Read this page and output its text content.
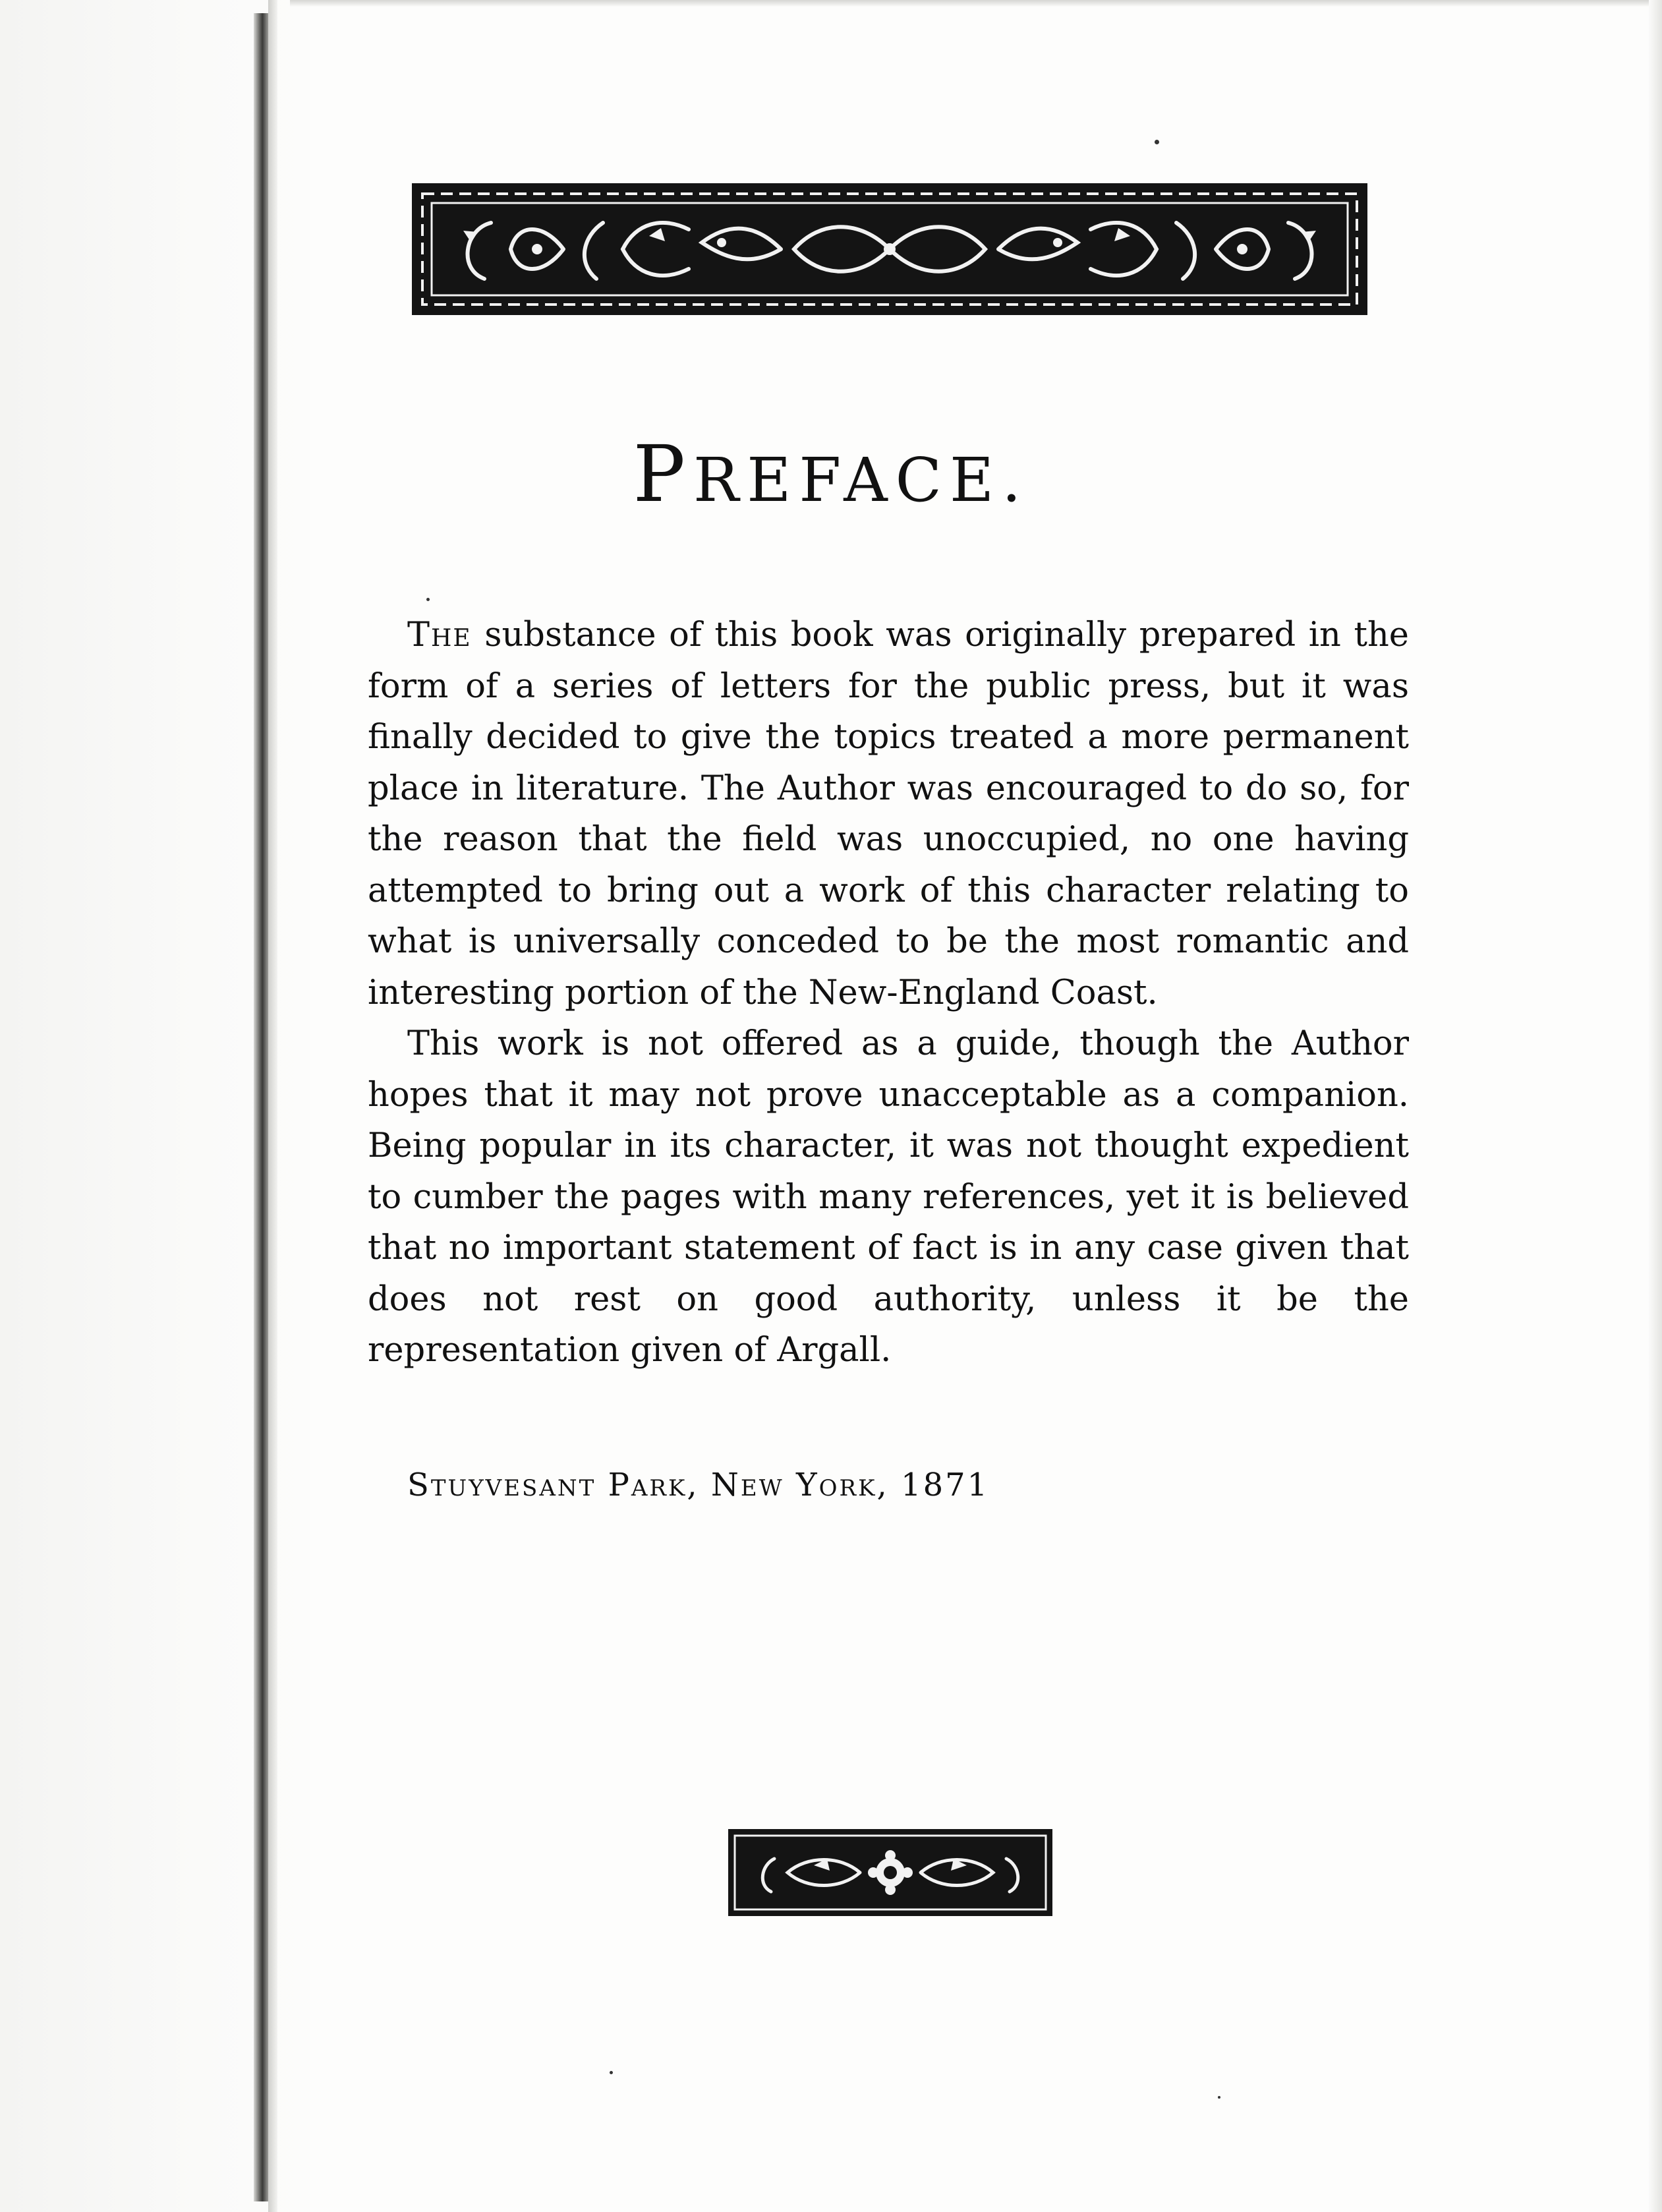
PREFACE.

The substance of this book was originally prepared in the form of a series of letters for the public press, but it was finally decided to give the topics treated a more permanent place in literature. The Author was encouraged to do so, for the reason that the field was unoccupied, no one having attempted to bring out a work of this character relating to what is universally conceded to be the most romantic and interesting portion of the New-England Coast.

This work is not offered as a guide, though the Author hopes that it may not prove unacceptable as a companion. Being popular in its character, it was not thought expedient to cumber the pages with many references, yet it is believed that no important statement of fact is in any case given that does not rest on good authority, unless it be the representation given of Argall.

Stuyvesant Park, New York, 1871
